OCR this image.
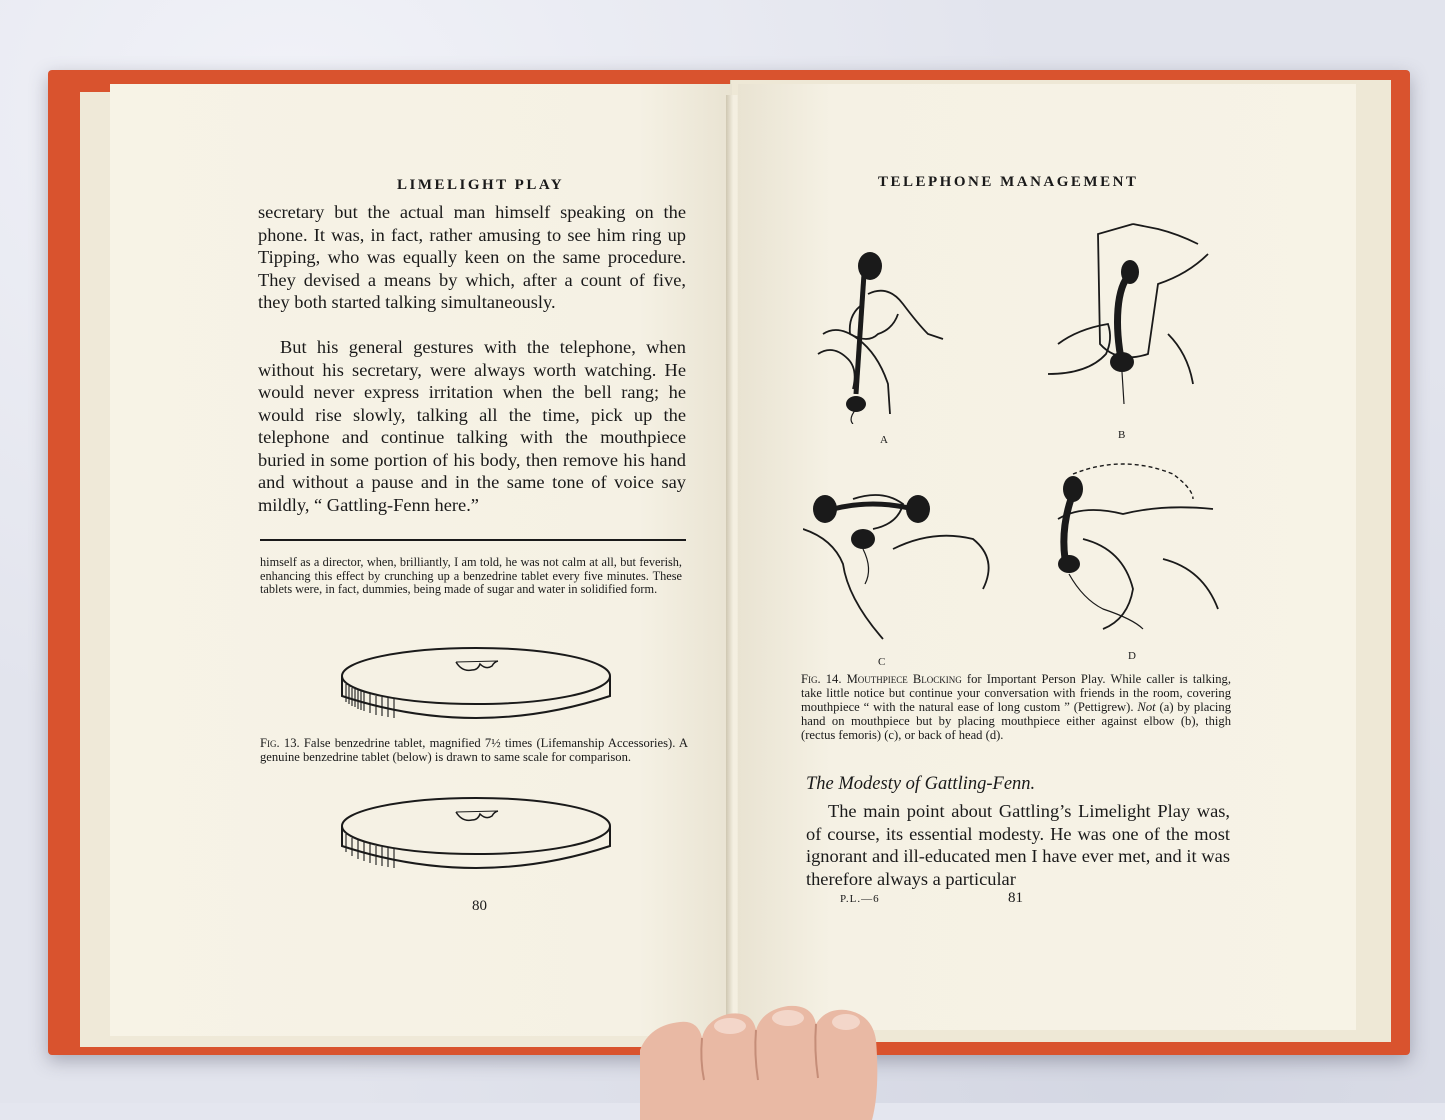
LIMELIGHT PLAY

secretary but the actual man himself speaking on the phone. It was, in fact, rather amusing to see him ring up Tipping, who was equally keen on the same procedure. They devised a means by which, after a count of five, they both started talking simultaneously.

But his general gestures with the telephone, when without his secretary, were always worth watching. He would never express irritation when the bell rang; he would rise slowly, talking all the time, pick up the telephone and continue talking with the mouthpiece buried in some portion of his body, then remove his hand and without a pause and in the same tone of voice say mildly, “ Gattling-Fenn here.”

himself as a director, when, brilliantly, I am told, he was not calm at all, but feverish, enhancing this effect by crunching up a benzedrine tablet every five minutes. These tablets were, in fact, dummies, being made of sugar and water in solidified form.

Fig. 13. False benzedrine tablet, magnified 7½ times (Lifemanship Accessories). A genuine benzedrine tablet (below) is drawn to same scale for comparison.

80
TELEPHONE MANAGEMENT
A	B
C	D

Fig. 14. Mouthpiece Blocking for Important Person Play. While caller is talking, take little notice but continue your conversation with friends in the room, covering mouthpiece “ with the natural ease of long custom ” (Pettigrew). Not (a) by placing hand on mouthpiece but by placing mouthpiece either against elbow (b), thigh (rectus femoris) (c), or back of head (d).

The Modesty of Gattling-Fenn.

The main point about Gattling’s Limelight Play was, of course, its essential modesty. He was one of the most ignorant and ill-educated men I have ever met, and it was therefore always a particular

P.L.—6	81
